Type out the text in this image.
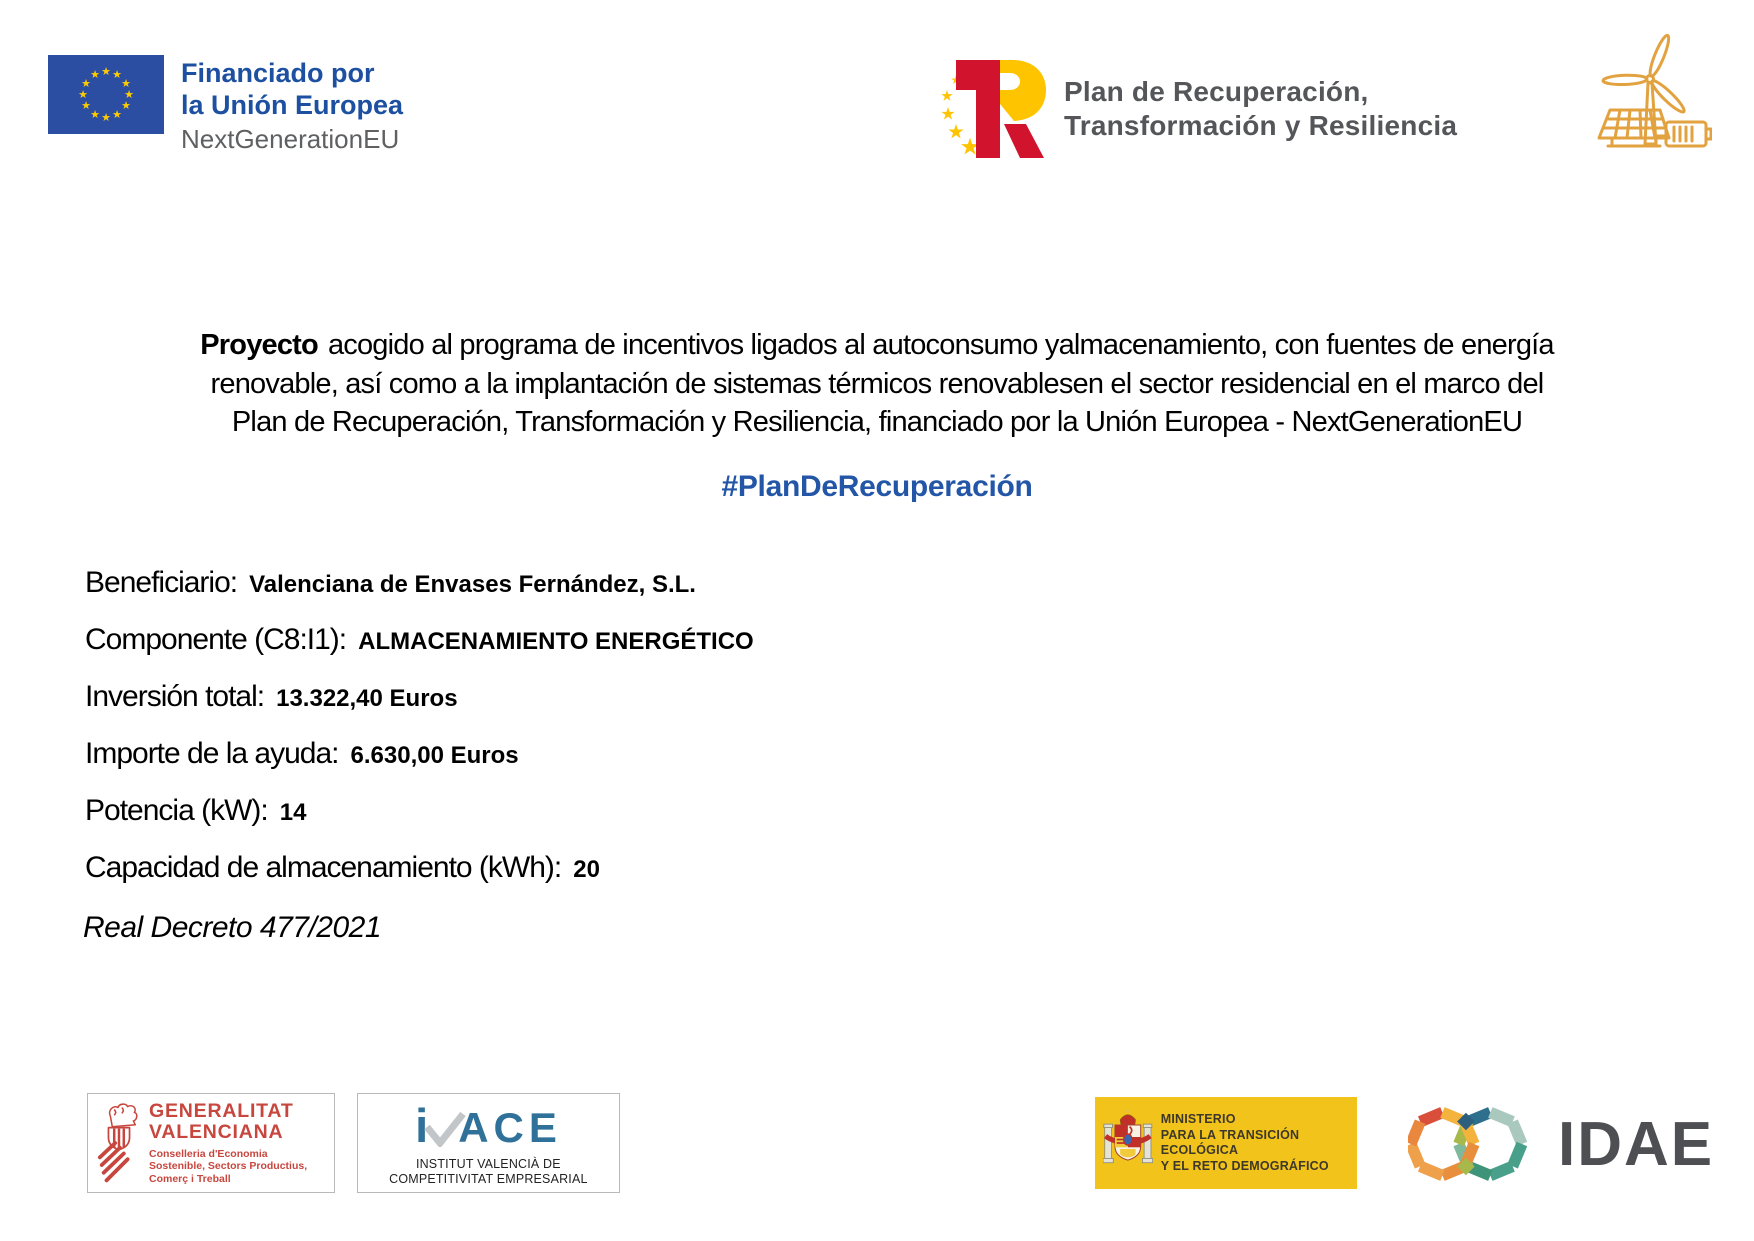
★ ★
★
★
★
★
★
★
★
★
★
★	Financiado por
la Unión Europea
NextGenerationEU
Plan de Recuperación,
Transformación y Resiliencia
Proyecto acogido al programa de incentivos ligados al autoconsumo yalmacenamiento, con fuentes de energía
renovable, así como a la implantación de sistemas térmicos renovablesen el sector residencial en el marco del
Plan de Recuperación, Transformación y Resiliencia, financiado por la Unión Europea - NextGenerationEU
#PlanDeRecuperación
Beneficiario: Valenciana de Envases Fernández, S.L.
Componente (C8:I1): ALMACENAMIENTO ENERGÉTICO
Inversión total: 13.322,40 Euros
Importe de la ayuda: 6.630,00 Euros
Potencia (kW): 14
Capacidad de almacenamiento (kWh): 20
Real Decreto 477/2021
GENERALITAT
VALENCIANA
Conselleria d'Economia
Sostenible, Sectors Productius,
Comerç i Treball
i ACE
INSTITUT VALENCIÀ DE
COMPETITIVITAT EMPRESARIAL
MINISTERIO
PARA LA TRANSICIÓN ECOLÓGICA
Y EL RETO DEMOGRÁFICO	IDAE
